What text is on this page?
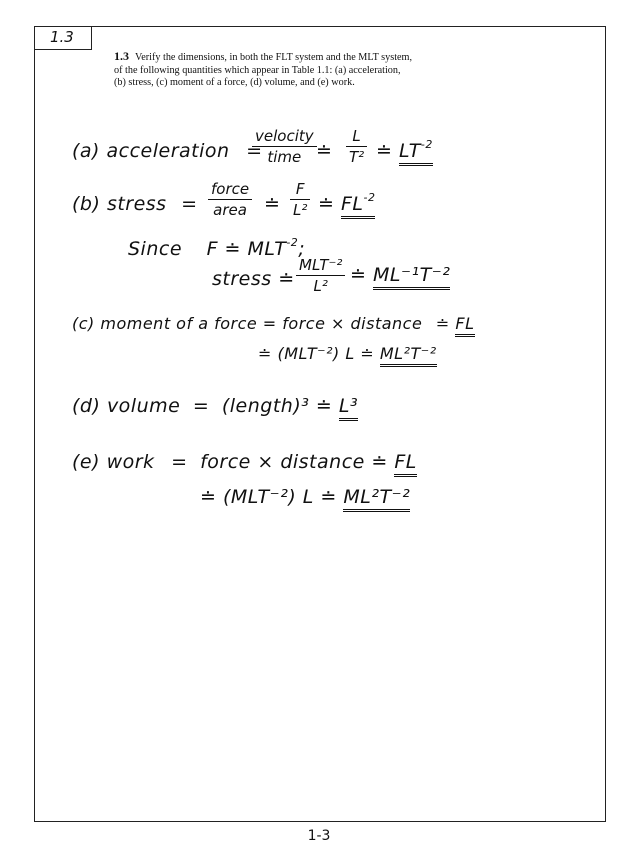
1.3
1.3 Verify the dimensions, in both the FLT system and the MLT system, of the following quantities which appear in Table 1.1: (a) acceleration, (b) stress, (c) moment of a force, (d) volume, and (e) work.
(a) acceleration =
velocity
time ≐ $\frac{L}{\text{T²}}$ ≐ $LT^{-2}$
(b) stress =
force
area ≐ $\frac{F}{\text{L²}}$ ≐ $FL^{-2}$
Since F ≐ $MLT^{-2}$;
stress ≐
MLT⁻²
L²	≐ ML⁻¹T⁻²
(c) moment of a force = force × distance ≐ FL
≐ (MLT⁻²) L ≐ ML²T⁻²
(d) volume = (length)³ ≐ L³
(e) work = force × distance ≐ FL
≐ (MLT⁻²) L ≐ ML²T⁻²
1-3
